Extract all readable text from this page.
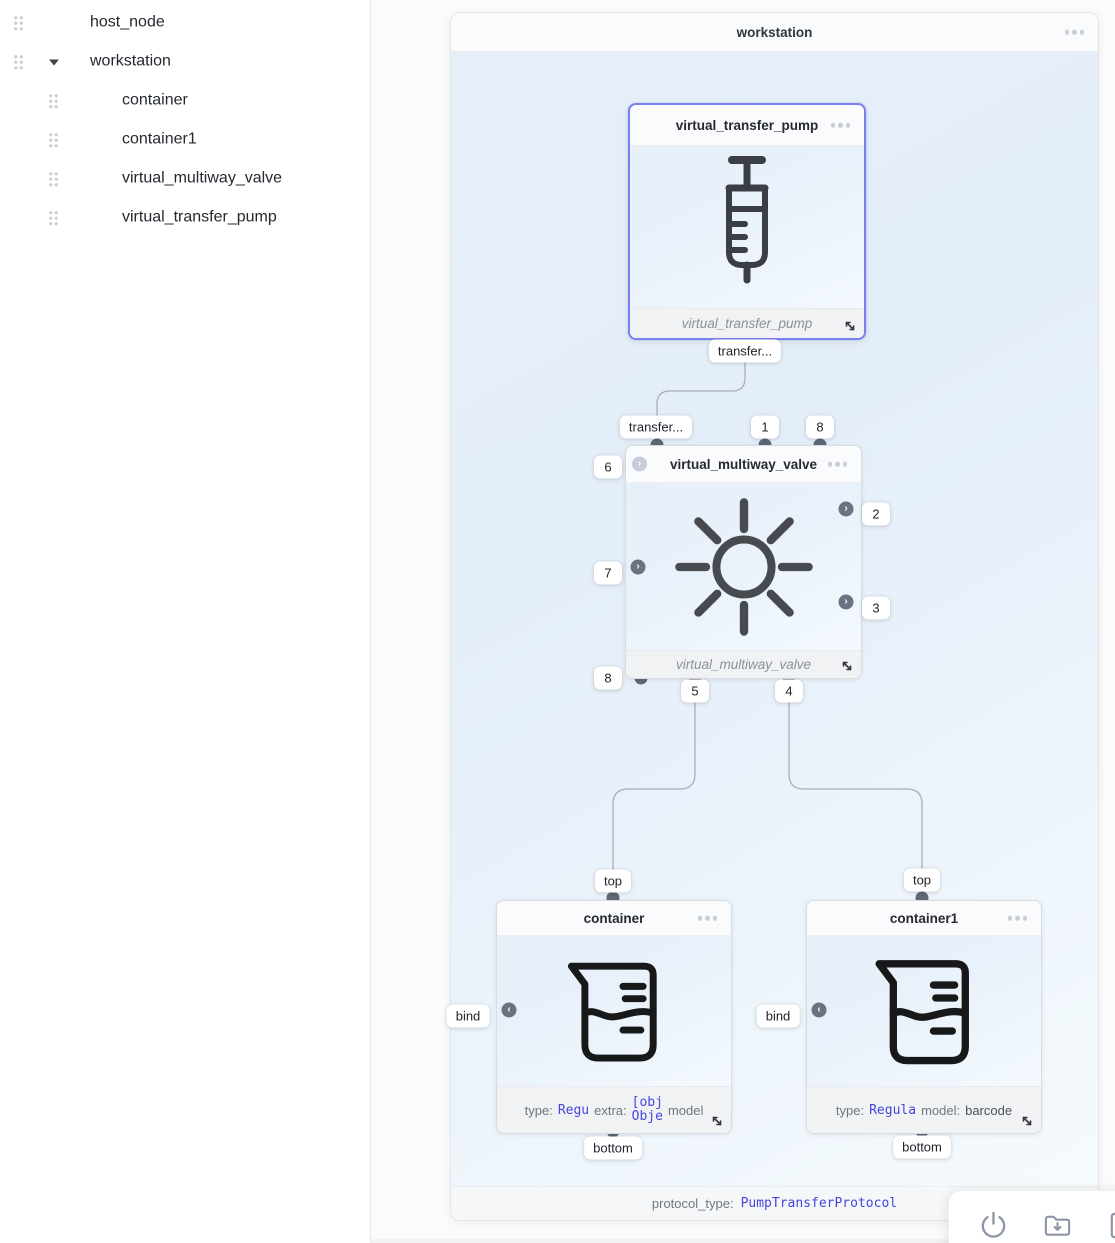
host_node
workstation
container
container1
virtual_multiway_valve
virtual_transfer_pump
workstation
protocol_type: PumpTransferProtocol
virtual_transfer_pump
virtual_transfer_pump
› virtual_multiway_valve
virtual_multiway_valve
container
type: Regu extra:
[obj
Obje model
container1
type: Regula model: barcode
›
›
›
‹	‹
transfer...
transfer...	1	8
6
7
8
2
3
5	4
top
bind
bottom
top
bind
bottom
